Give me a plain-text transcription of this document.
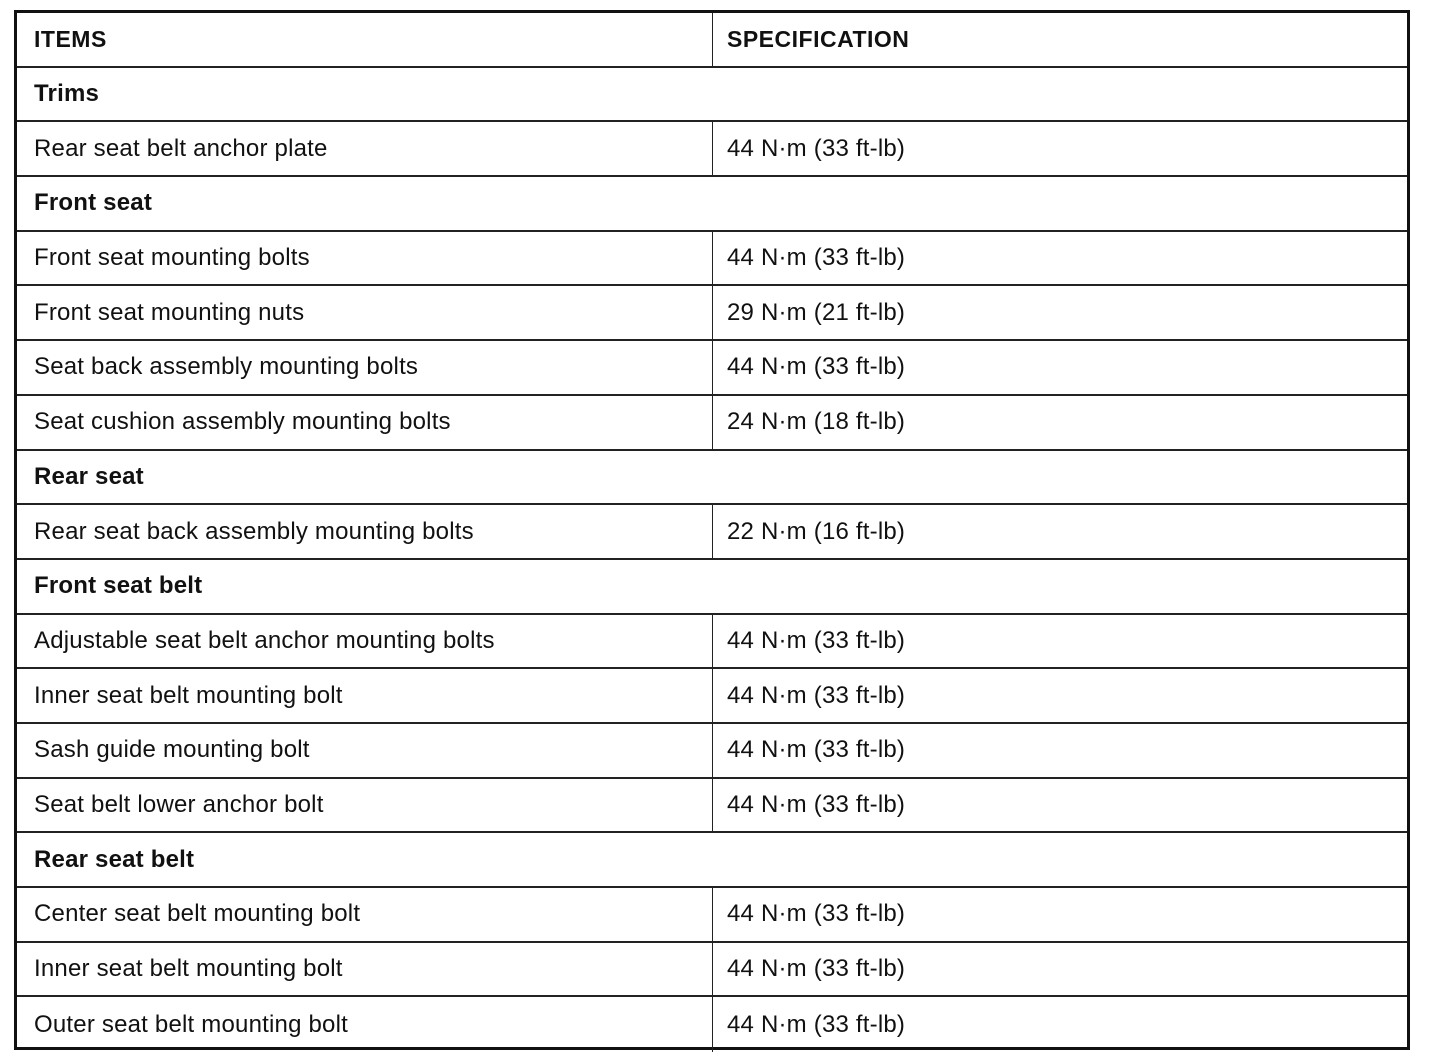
ITEMS	SPECIFICATION
Trims
Rear seat belt anchor plate	44 N·m (33 ft-lb)
Front seat
Front seat mounting bolts	44 N·m (33 ft-lb)
Front seat mounting nuts	29 N·m (21 ft-lb)
Seat back assembly mounting bolts	44 N·m (33 ft-lb)
Seat cushion assembly mounting bolts	24 N·m (18 ft-lb)
Rear seat
Rear seat back assembly mounting bolts	22 N·m (16 ft-lb)
Front seat belt
Adjustable seat belt anchor mounting bolts	44 N·m (33 ft-lb)
Inner seat belt mounting bolt	44 N·m (33 ft-lb)
Sash guide mounting bolt	44 N·m (33 ft-lb)
Seat belt lower anchor bolt	44 N·m (33 ft-lb)
Rear seat belt
Center seat belt mounting bolt	44 N·m (33 ft-lb)
Inner seat belt mounting bolt	44 N·m (33 ft-lb)
Outer seat belt mounting bolt	44 N·m (33 ft-lb)
